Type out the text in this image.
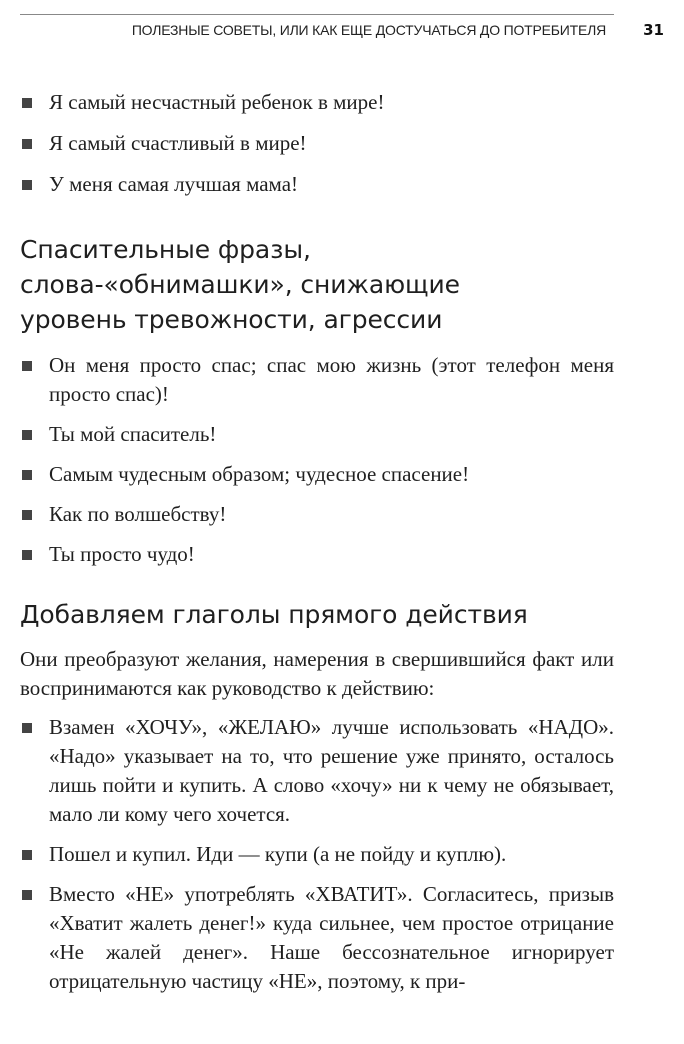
ПОЛЕЗНЫЕ СОВЕТЫ, ИЛИ КАК ЕЩЕ ДОСТУЧАТЬСЯ ДО ПОТРЕБИТЕЛЯ 31
Я самый несчастный ребенок в мире!
Я самый счастливый в мире!
У меня самая лучшая мама!
Спасительные фразы,
слова-«обнимашки», снижающие
уровень тревожности, агрессии
Он меня просто спас; спас мою жизнь (этот телефон меня просто спас)!
Ты мой спаситель!
Самым чудесным образом; чудесное спасение!
Как по волшебству!
Ты просто чудо!
Добавляем глаголы прямого действия

Они преобразуют желания, намерения в свершившийся факт или воспринимаются как руководство к действию:

Взамен «ХОЧУ», «ЖЕЛАЮ» лучше использовать «НАДО». «Надо» указывает на то, что решение уже принято, осталось лишь пойти и купить. А слово «хочу» ни к чему не обязывает, мало ли кому чего хочется.
Пошел и купил. Иди — купи (а не пойду и куплю).
Вместо «НЕ» употреблять «ХВАТИТ». Согласитесь, призыв «Хватит жалеть денег!» куда сильнее, чем простое отрицание «Не жалей денег». Наше бессознательное игнорирует отрицательную частицу «НЕ», поэтому, к при-
